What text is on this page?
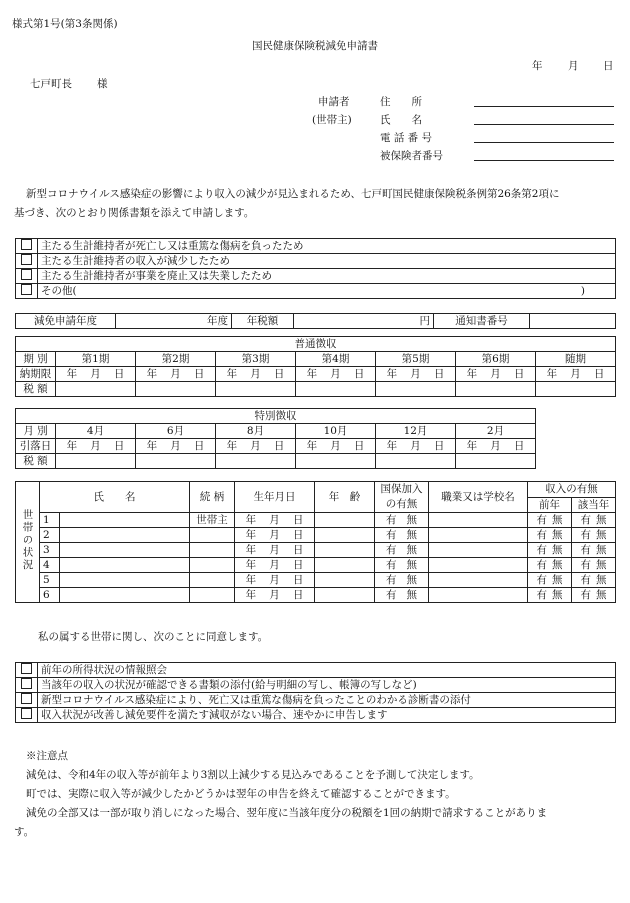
様式第1号(第3条関係)
国民健康保険税減免申請書
年 月 日
七戸町長 様
申請者
(世帯主)
住　　所
氏　　名
電 話 番 号
被保険者番号
新型コロナウイルス感染症の影響により収入の減少が見込まれるため、七戸町国民健康保険税条例第26条第2項に
基づき、次のとおり関係書類を添えて申請します。
	主たる生計維持者が死亡し又は重篤な傷病を負ったため
	主たる生計維持者の収入が減少したため
	主たる生計維持者が事業を廃止又は失業したため
	その他( )
減免申請年度	年度	年税額	円	通知書番号	
普通徴収							
期 別	第1期	第2期	第3期	第4期	第5期	第6期	随期
納期限	年 月 日	年 月 日	年 月 日	年 月 日	年 月 日	年 月 日	年 月 日

税 額							
特別徴収						
月 別	4月	6月	8月	10月	12月	2月
引落日	年 月 日	年 月 日	年 月 日	年 月 日	年 月 日	年 月 日

税 額						
世帯の状況	氏　　名		続 柄	生年月日	年　齢	国保加入
の有無	職業又は学校名	収入の有無	
								前年	該当年
	1		世帯主	年 月 日		有 無		有 無	有 無

	2			年 月 日		有 無		有 無	有 無

	3			年 月 日		有 無		有 無	有 無

	4			年 月 日		有 無		有 無	有 無

	5			年 月 日		有 無		有 無	有 無

	6			年 月 日		有 無		有 無	有 無
私の属する世帯に関し、次のことに同意します。
	前年の所得状況の情報照会
	当該年の収入の状況が確認できる書類の添付(給与明細の写し、帳簿の写しなど)
	新型コロナウイルス感染症により、死亡又は重篤な傷病を負ったことのわかる診断書の添付
	収入状況が改善し減免要件を満たす減収がない場合、速やかに申告します
※注意点
減免は、令和4年の収入等が前年より3割以上減少する見込みであることを予測して決定します。
町では、実際に収入等が減少したかどうかは翌年の申告を終えて確認することができます。
減免の全部又は一部が取り消しになった場合、翌年度に当該年度分の税額を1回の納期で請求することがありま
す。
